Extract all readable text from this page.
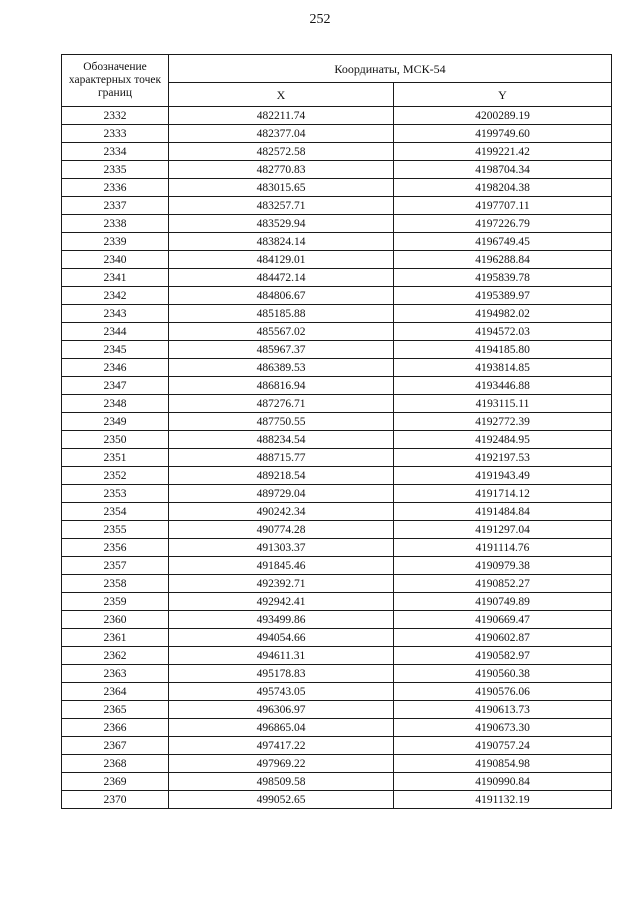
252
Обозначение характерных точек границ	Координаты, МСК-54	
	X	Y
2332	482211.74	4200289.19
2333	482377.04	4199749.60
2334	482572.58	4199221.42
2335	482770.83	4198704.34
2336	483015.65	4198204.38
2337	483257.71	4197707.11
2338	483529.94	4197226.79
2339	483824.14	4196749.45
2340	484129.01	4196288.84
2341	484472.14	4195839.78
2342	484806.67	4195389.97
2343	485185.88	4194982.02
2344	485567.02	4194572.03
2345	485967.37	4194185.80
2346	486389.53	4193814.85
2347	486816.94	4193446.88
2348	487276.71	4193115.11
2349	487750.55	4192772.39
2350	488234.54	4192484.95
2351	488715.77	4192197.53
2352	489218.54	4191943.49
2353	489729.04	4191714.12
2354	490242.34	4191484.84
2355	490774.28	4191297.04
2356	491303.37	4191114.76
2357	491845.46	4190979.38
2358	492392.71	4190852.27
2359	492942.41	4190749.89
2360	493499.86	4190669.47
2361	494054.66	4190602.87
2362	494611.31	4190582.97
2363	495178.83	4190560.38
2364	495743.05	4190576.06
2365	496306.97	4190613.73
2366	496865.04	4190673.30
2367	497417.22	4190757.24
2368	497969.22	4190854.98
2369	498509.58	4190990.84
2370	499052.65	4191132.19
